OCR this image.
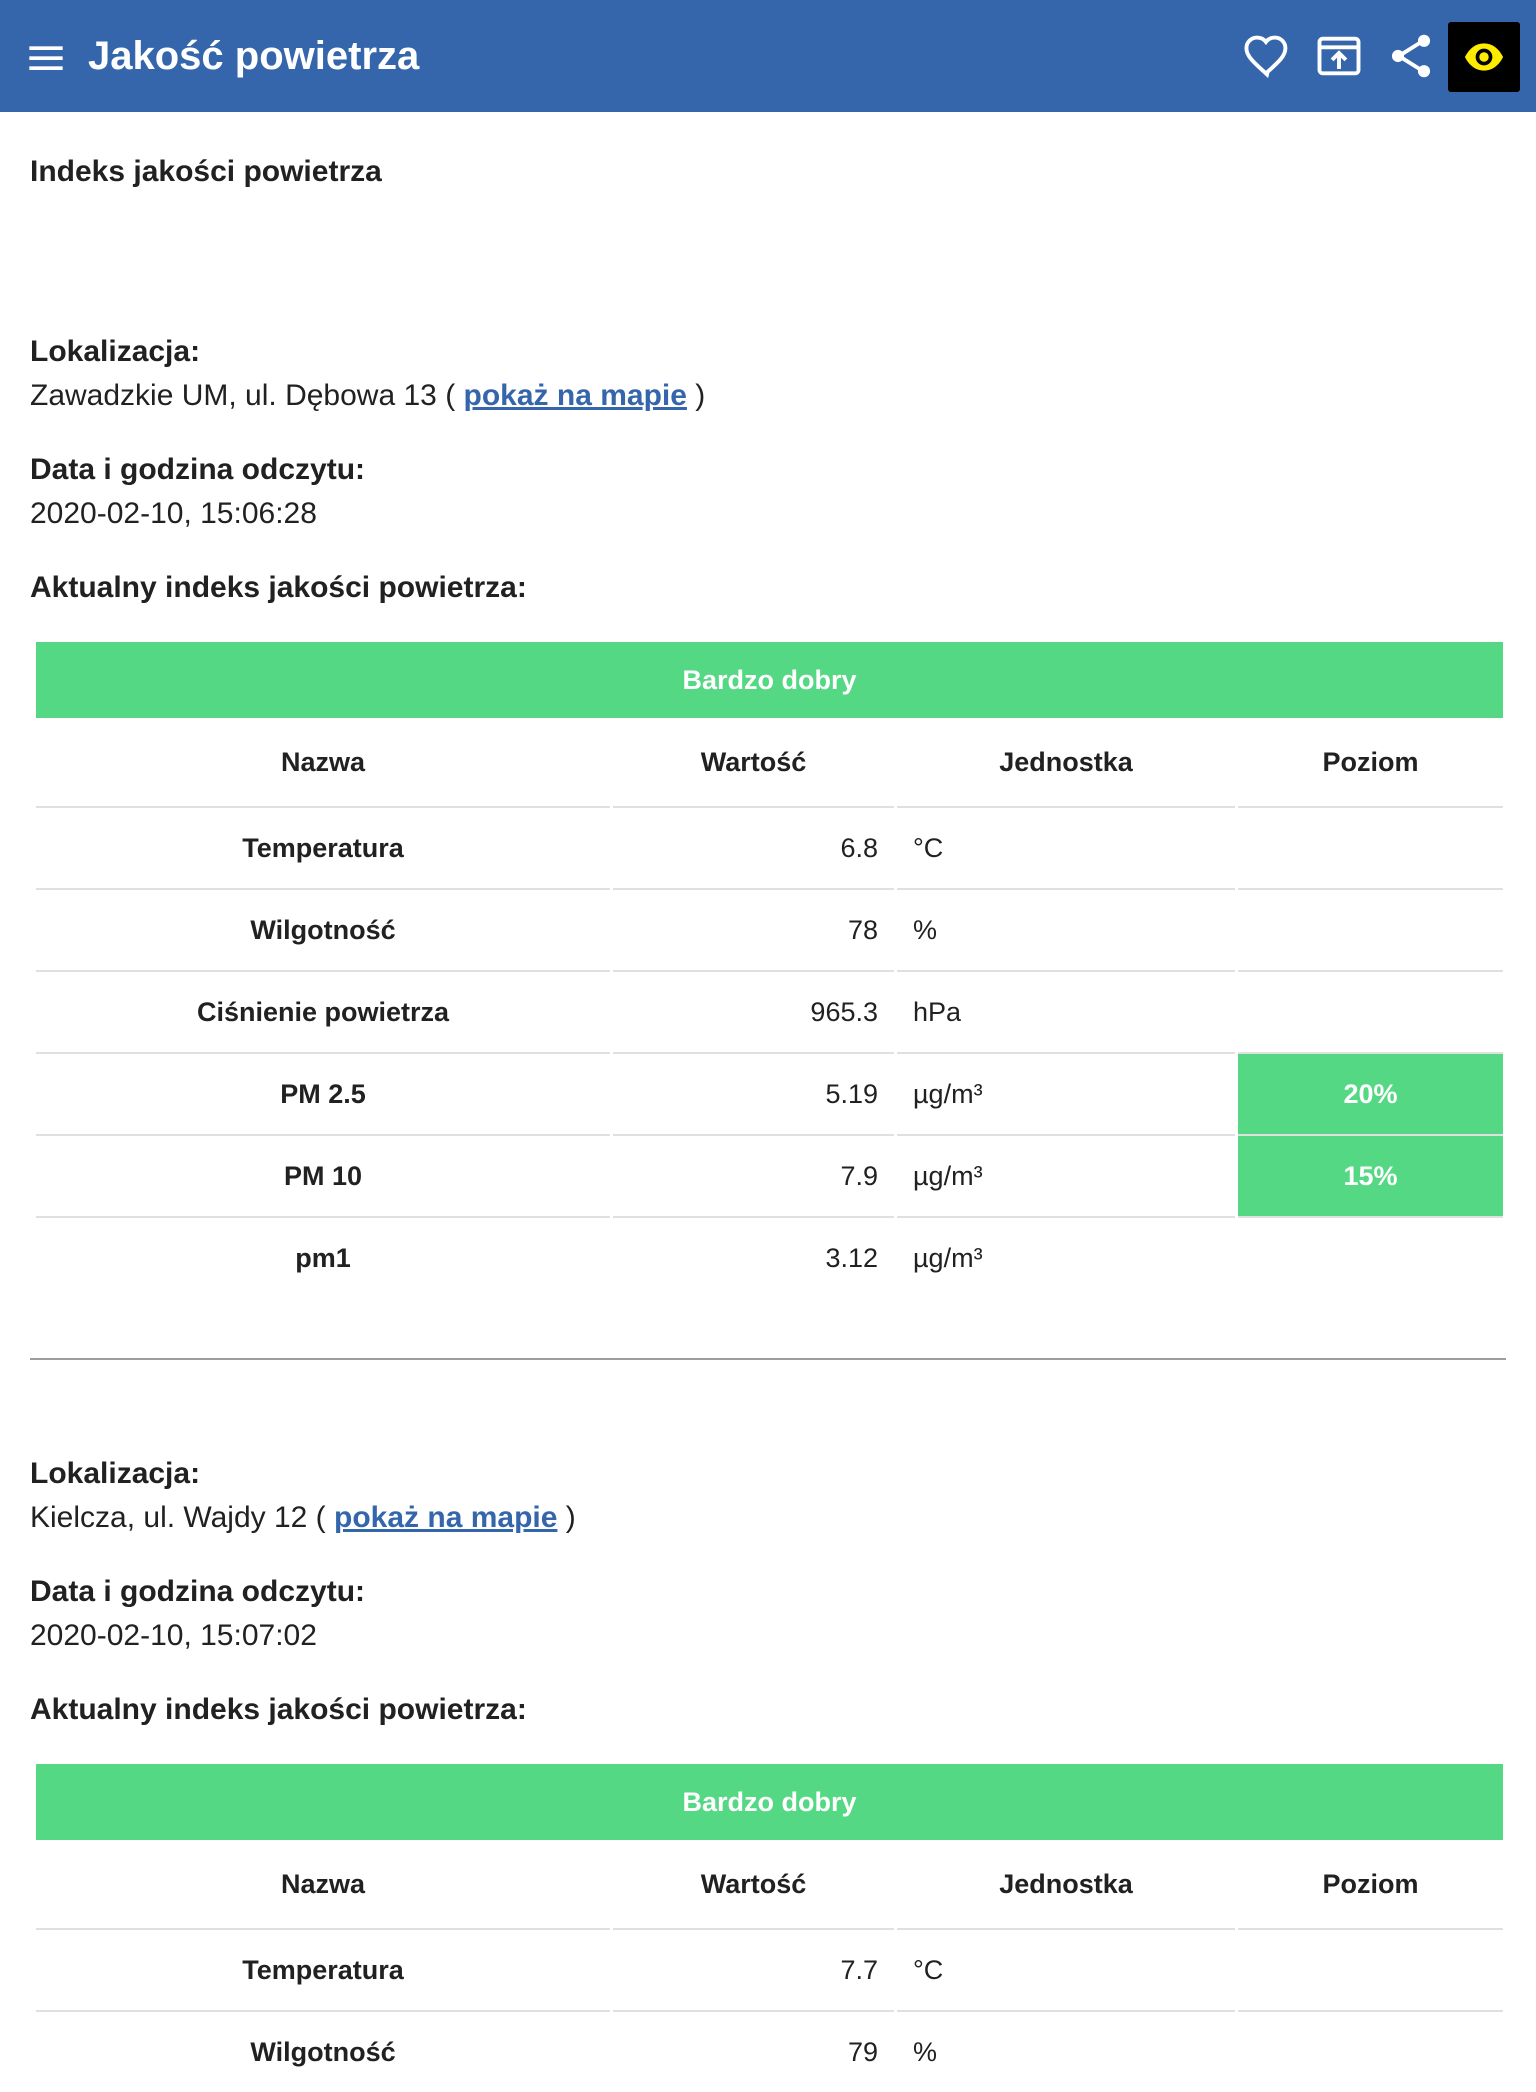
Jakość powietrza
Indeks jakości powietrza
Lokalizacja:
Zawadzkie UM, ul. Dębowa 13 ( pokaż na mapie )
Data i godzina odczytu:
2020-02-10, 15:06:28
Aktualny indeks jakości powietrza:
Bardzo dobry			
Nazwa	Wartość	Jednostka	Poziom
Temperatura	6.8	°C	
Wilgotność	78	%	
Ciśnienie powietrza	965.3	hPa	
PM 2.5	5.19	µg/m³	20%
PM 10	7.9	µg/m³	15%
pm1	3.12	µg/m³	
Lokalizacja:
Kielcza, ul. Wajdy 12 ( pokaż na mapie )
Data i godzina odczytu:
2020-02-10, 15:07:02
Aktualny indeks jakości powietrza:
Bardzo dobry			
Nazwa	Wartość	Jednostka	Poziom
Temperatura	7.7	°C	
Wilgotność	79	%	
